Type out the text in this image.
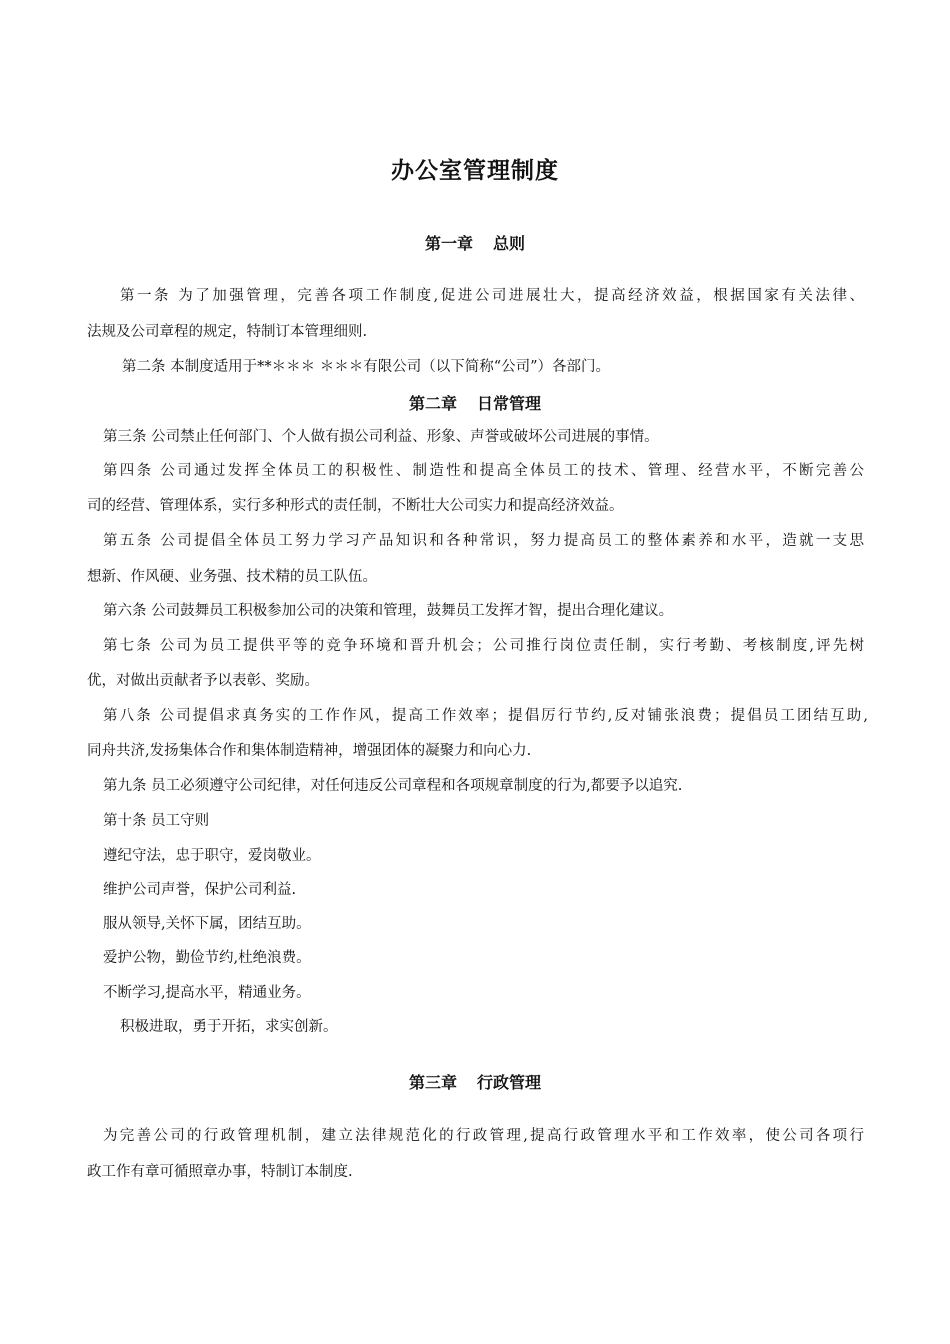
办公室管理制度
第一章 总则
第一条 为了加强管理，完善各项工作制度,促进公司进展壮大，提高经济效益，根据国家有关法律、
法规及公司章程的规定，特制订本管理细则.
第二条 本制度适用于**＊＊＊ ＊＊＊有限公司（以下简称“公司”）各部门。
第二章 日常管理
第三条 公司禁止任何部门、个人做有损公司利益、形象、声誉或破坏公司进展的事情。
第四条 公司通过发挥全体员工的积极性、制造性和提高全体员工的技术、管理、经营水平，不断完善公
司的经营、管理体系，实行多种形式的责任制，不断壮大公司实力和提高经济效益。
第五条 公司提倡全体员工努力学习产品知识和各种常识，努力提高员工的整体素养和水平，造就一支思
想新、作风硬、业务强、技术精的员工队伍。
第六条 公司鼓舞员工积极参加公司的决策和管理，鼓舞员工发挥才智，提出合理化建议。
第七条 公司为员工提供平等的竞争环境和晋升机会；公司推行岗位责任制，实行考勤、考核制度,评先树
优，对做出贡献者予以表彰、奖励。
第八条 公司提倡求真务实的工作作风，提高工作效率；提倡厉行节约,反对铺张浪费；提倡员工团结互助,
同舟共济,发扬集体合作和集体制造精神，增强团体的凝聚力和向心力.
第九条 员工必须遵守公司纪律，对任何违反公司章程和各项规章制度的行为,都要予以追究.
第十条 员工守则
遵纪守法，忠于职守，爱岗敬业。
维护公司声誉，保护公司利益.
服从领导,关怀下属，团结互助。
爱护公物，勤俭节约,杜绝浪费。
不断学习,提高水平，精通业务。
积极进取，勇于开拓，求实创新。
第三章 行政管理
为完善公司的行政管理机制，建立法律规范化的行政管理,提高行政管理水平和工作效率，使公司各项行
政工作有章可循照章办事，特制订本制度.
